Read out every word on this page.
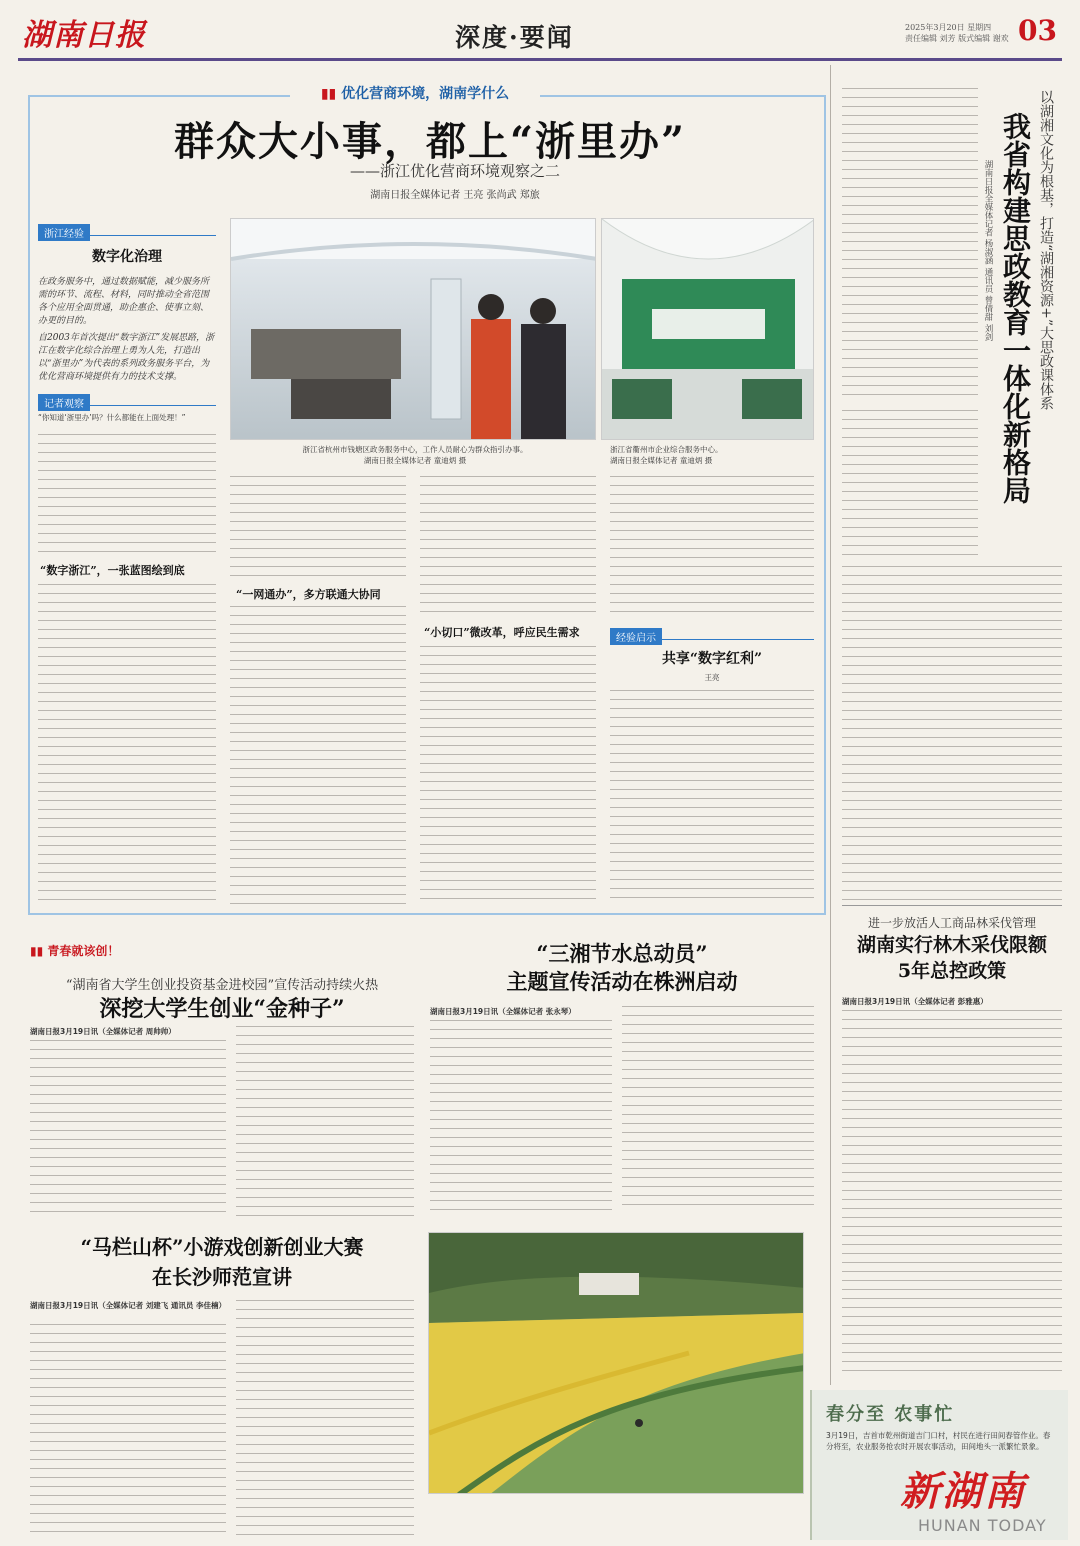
湖南日报	深度·要闻	2025年3月20日 星期四
责任编辑 刘芳 版式编辑 谢欢 03
▮▮ 优化营商环境，湖南学什么
群众大小事，都上“浙里办”
——浙江优化营商环境观察之二
湖南日报全媒体记者 王亮 张尚武 郑旅
浙江经验
数字化治理
在政务服务中，通过数据赋能，减少服务所需的环节、流程、材料，同时推动全省范围各个应用全面贯通，助企惠企、使事立刻、办更的目的。
自2003年首次提出“数字浙江”发展思路，浙江在数字化综合治理上勇为人先，打造出以“浙里办”为代表的系列政务服务平台，为优化营商环境提供有力的技术支撑。
记者观察
“你知道‘浙里办’吗？什么都能在上面处理！”
“数字浙江”，一张蓝图绘到底
浙江省杭州市钱塘区政务服务中心，工作人员耐心为群众指引办事。
湖南日报全媒体记者 童迪炳 摄
浙江省衢州市企业综合服务中心。
湖南日报全媒体记者 童迪炳 摄
“一网通办”，多方联通大协同
“小切口”微改革，呼应民生需求	经验启示
共享“数字红利”
王亮
以湖湘文化为根基，打造“湖湘资源+”大思政课体系
我省构建思政教育一体化新格局
湖南日报全媒体记者 杨淑涵 通讯员 曾倩甜 刘剑
进一步放活人工商品林采伐管理
湖南实行林木采伐限额
5年总控政策
湖南日报3月19日讯（全媒体记者 彭雅惠）
春分至 农事忙
3月19日，吉首市乾州街道吉门口村，村民在进行田间春管作业。春分将至，农业服务抢农时开展农事活动，田间地头一派繁忙景象。
新湖南
HUNAN TODAY
▮▮ 青春就该创！
“湖南省大学生创业投资基金进校园”宣传活动持续火热
深挖大学生创业“金种子”
湖南日报3月19日讯（全媒体记者 周帅帅）
“三湘节水总动员”
主题宣传活动在株洲启动
湖南日报3月19日讯（全媒体记者 张永琴）
“马栏山杯”小游戏创新创业大赛
在长沙师范宣讲
湖南日报3月19日讯（全媒体记者 刘建飞 通讯员 李佳楠）
